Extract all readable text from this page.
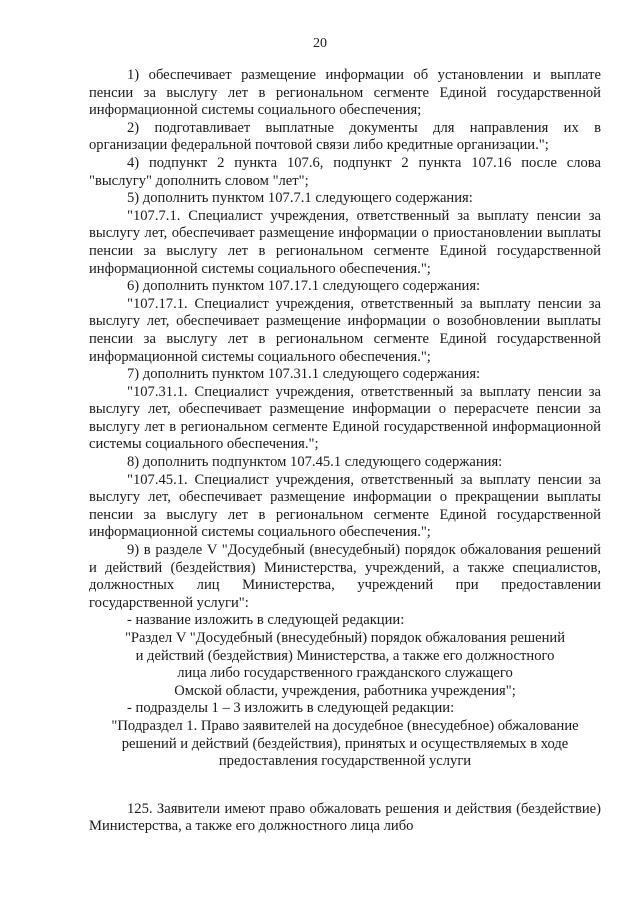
20

1) обеспечивает размещение информации об установлении и выплате пенсии за выслугу лет в региональном сегменте Единой государственной информационной системы социального обеспечения;

2) подготавливает выплатные документы для направления их в организации федеральной почтовой связи либо кредитные организации.";

4) подпункт 2 пункта 107.6, подпункт 2 пункта 107.16 после слова "выслугу" дополнить словом "лет";

5) дополнить пунктом 107.7.1 следующего содержания:

"107.7.1. Специалист учреждения, ответственный за выплату пенсии за выслугу лет, обеспечивает размещение информации о приостановлении выплаты пенсии за выслугу лет в региональном сегменте Единой государственной информационной системы социального обеспечения.";

6) дополнить пунктом 107.17.1 следующего содержания:

"107.17.1. Специалист учреждения, ответственный за выплату пенсии за выслугу лет, обеспечивает размещение информации о возобновлении выплаты пенсии за выслугу лет в региональном сегменте Единой государственной информационной системы социального обеспечения.";

7) дополнить пунктом 107.31.1 следующего содержания:

"107.31.1. Специалист учреждения, ответственный за выплату пенсии за выслугу лет, обеспечивает размещение информации о перерасчете пенсии за выслугу лет в региональном сегменте Единой государственной информационной системы социального обеспечения.";

8) дополнить подпунктом 107.45.1 следующего содержания:

"107.45.1. Специалист учреждения, ответственный за выплату пенсии за выслугу лет, обеспечивает размещение информации о прекращении выплаты пенсии за выслугу лет в региональном сегменте Единой государственной информационной системы социального обеспечения.";

9) в разделе V "Досудебный (внесудебный) порядок обжалования решений и действий (бездействия) Министерства, учреждений, а также специалистов, должностных лиц Министерства, учреждений при предоставлении государственной услуги":

- название изложить в следующей редакции:

"Раздел V "Досудебный (внесудебный) порядок обжалования решений
и действий (бездействия) Министерства, а также его должностного
лица либо государственного гражданского служащего
Омской области, учреждения, работника учреждения";

- подразделы 1 – 3 изложить в следующей редакции:

"Подраздел 1. Право заявителей на досудебное (внесудебное) обжалование
решений и действий (бездействия), принятых и осуществляемых в ходе
предоставления государственной услуги

125. Заявители имеют право обжаловать решения и действия (бездействие) Министерства, а также его должностного лица либо
